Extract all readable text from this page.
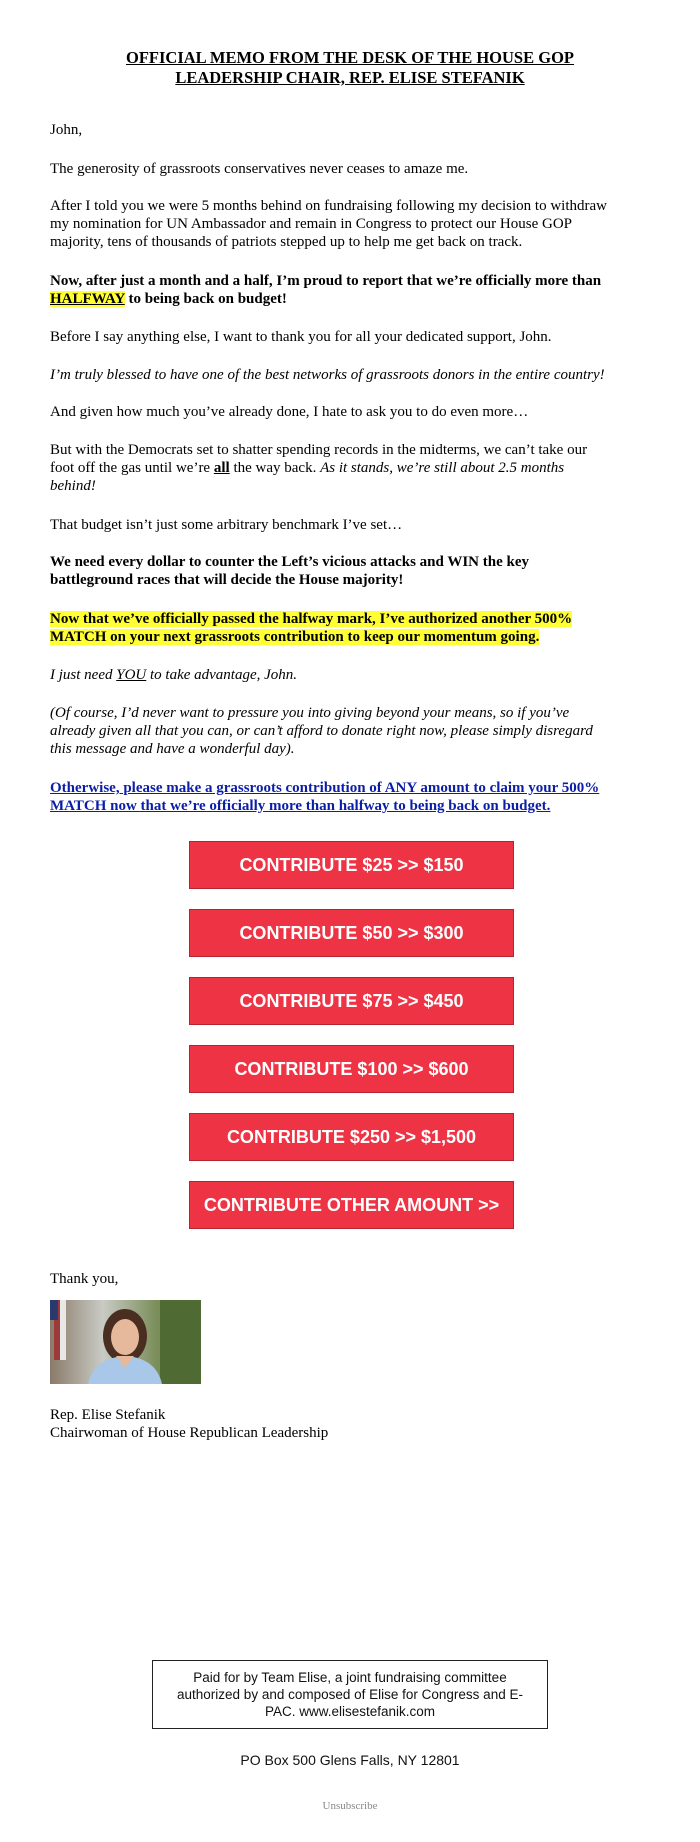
OFFICIAL MEMO FROM THE DESK OF THE HOUSE GOP
LEADERSHIP CHAIR, REP. ELISE STEFANIK
John,
The generosity of grassroots conservatives never ceases to amaze me.
After I told you we were 5 months behind on fundraising following my decision to withdraw
my nomination for UN Ambassador and remain in Congress to protect our House GOP
majority, tens of thousands of patriots stepped up to help me get back on track.
Now, after just a month and a half, I’m proud to report that we’re officially more than
HALFWAY to being back on budget!
Before I say anything else, I want to thank you for all your dedicated support, John.
I’m truly blessed to have one of the best networks of grassroots donors in the entire country!
And given how much you’ve already done, I hate to ask you to do even more…
But with the Democrats set to shatter spending records in the midterms, we can’t take our
foot off the gas until we’re all the way back. As it stands, we’re still about 2.5 months
behind!
That budget isn’t just some arbitrary benchmark I’ve set…
We need every dollar to counter the Left’s vicious attacks and WIN the key
battleground races that will decide the House majority!
Now that we’ve officially passed the halfway mark, I’ve authorized another 500%
MATCH on your next grassroots contribution to keep our momentum going.
I just need YOU to take advantage, John.
(Of course, I’d never want to pressure you into giving beyond your means, so if you’ve
already given all that you can, or can’t afford to donate right now, please simply disregard
this message and have a wonderful day).
Otherwise, please make a grassroots contribution of ANY amount to claim your 500%
MATCH now that we’re officially more than halfway to being back on budget.
CONTRIBUTE $25 >> $150
CONTRIBUTE $50 >> $300
CONTRIBUTE $75 >> $450
CONTRIBUTE $100 >> $600
CONTRIBUTE $250 >> $1,500
CONTRIBUTE OTHER AMOUNT >>
Thank you,
Rep. Elise Stefanik
Chairwoman of House Republican Leadership
Paid for by Team Elise, a joint fundraising committee
authorized by and composed of Elise for Congress and E-
PAC. www.elisestefanik.com
PO Box 500 Glens Falls, NY 12801
Unsubscribe
